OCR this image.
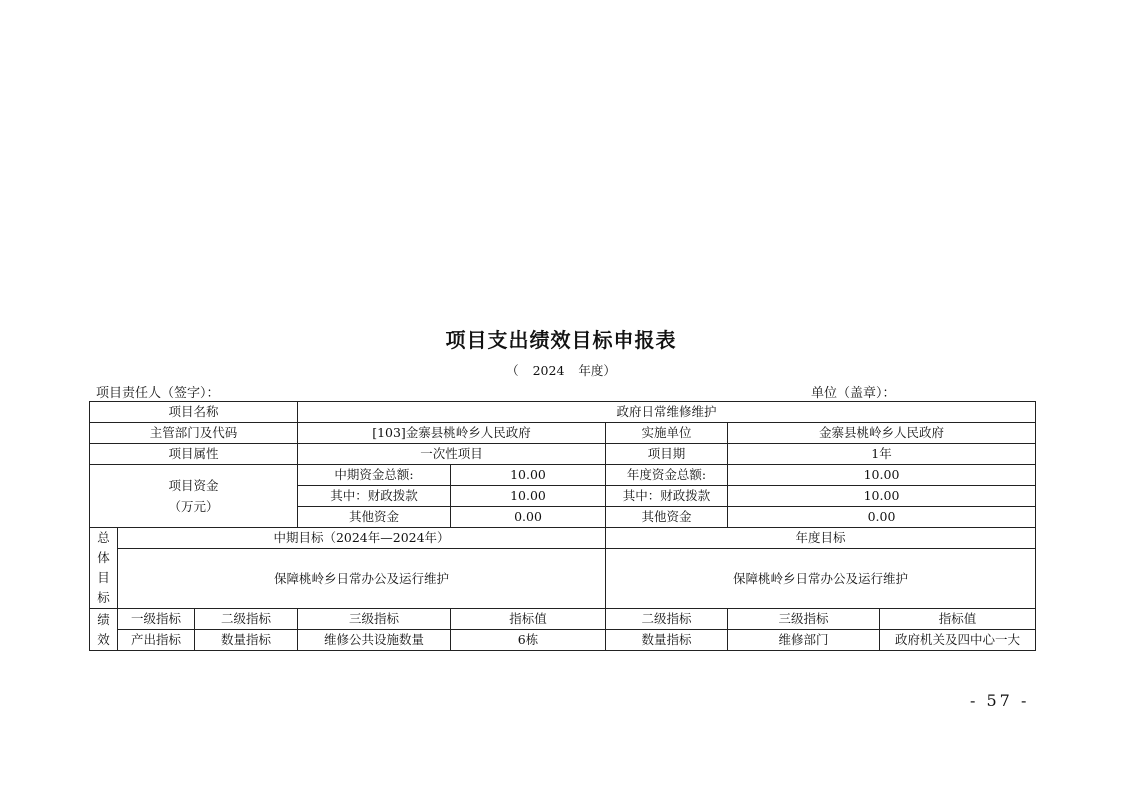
项目支出绩效目标申报表
（ 2024 年度）
项目责任人（签字）：	单位（盖章）：
项目名称			政府日常维修维护				
主管部门及代码			[103]金寨县桃岭乡人民政府		实施单位	金寨县桃岭乡人民政府	
项目属性			一次性项目		项目期	1年	
项目资金
（万元）			中期资金总额:	10.00	年度资金总额:	10.00	
			其中：财政拨款	10.00	其中：财政拨款	10.00	
			其他资金	0.00	其他资金	0.00	
总
体
目
标	中期目标（2024年—2024年）				年度目标		
	保障桃岭乡日常办公及运行维护				保障桃岭乡日常办公及运行维护		

绩
效	一级指标	二级指标	三级指标	指标值	二级指标	三级指标	指标值
	产出指标	数量指标	维修公共设施数量	6栋	数量指标	维修部门	政府机关及四中心一大
- 57 -
